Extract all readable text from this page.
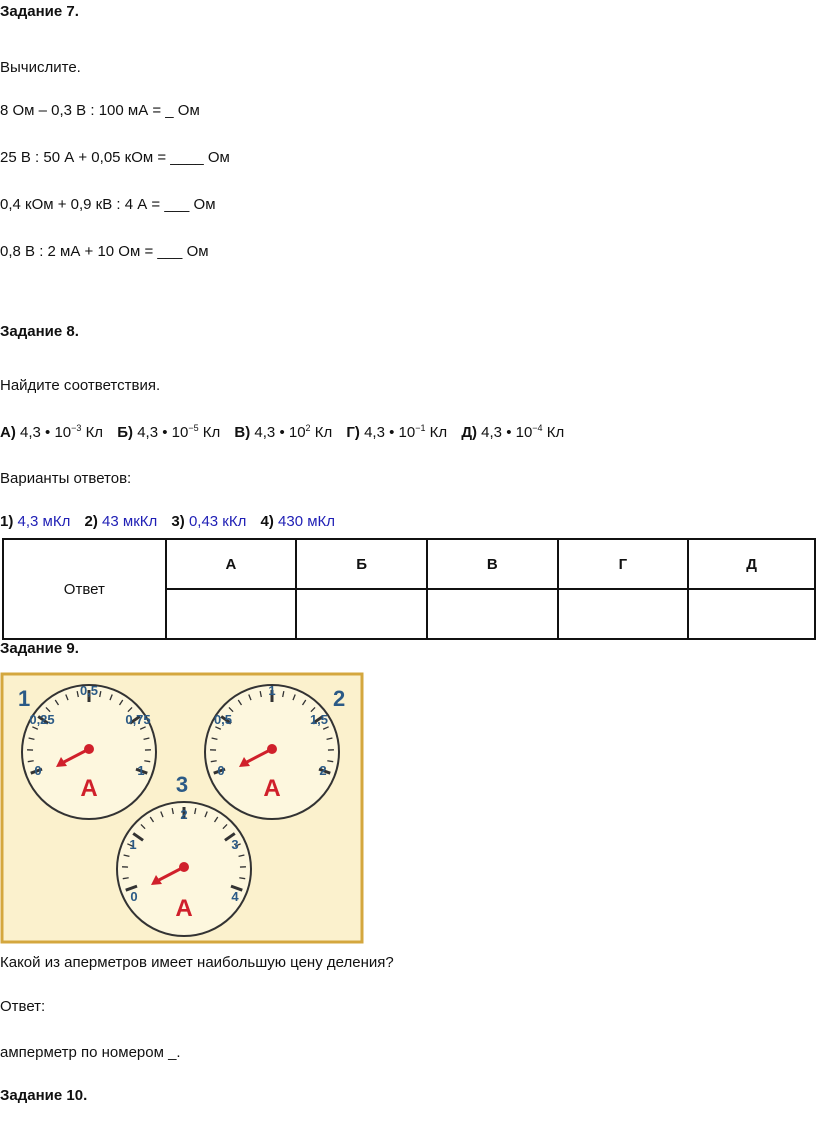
Задание 7.
Вычислите.
8 Ом – 0,3 В : 100 мА = _ Ом
25 В : 50 А + 0,05 кОм = ____ Ом
0,4 кОм + 0,9 кВ : 4 А = ___ Ом
0,8 В : 2 мА + 10 Ом = ___ Ом
Задание 8.
Найдите соответствия.
А) 4,3 • $10^{-3}$ Кл Б) 4,3 • $10^{-5}$ Кл В) 4,3 • $10^2$ Кл Г) 4,3 • $10^{-1}$ Кл Д) 4,3 • $10^{-4}$ Кл
Варианты ответов:
1) 4,3 мКл 2) 43 мкКл 3) 0,43 кКл 4) 430 мКл
Ответ	А	Б	В	Г	Д

Задание 9.
1
0
0,25
0,5
0,75
1
A
2
0
0,5
1
1,5
2
A
3
0
1
2
3
4
A
Какой из аперметров имеет наибольшую цену деления?
Ответ:
амперметр по номером _.
Задание 10.
